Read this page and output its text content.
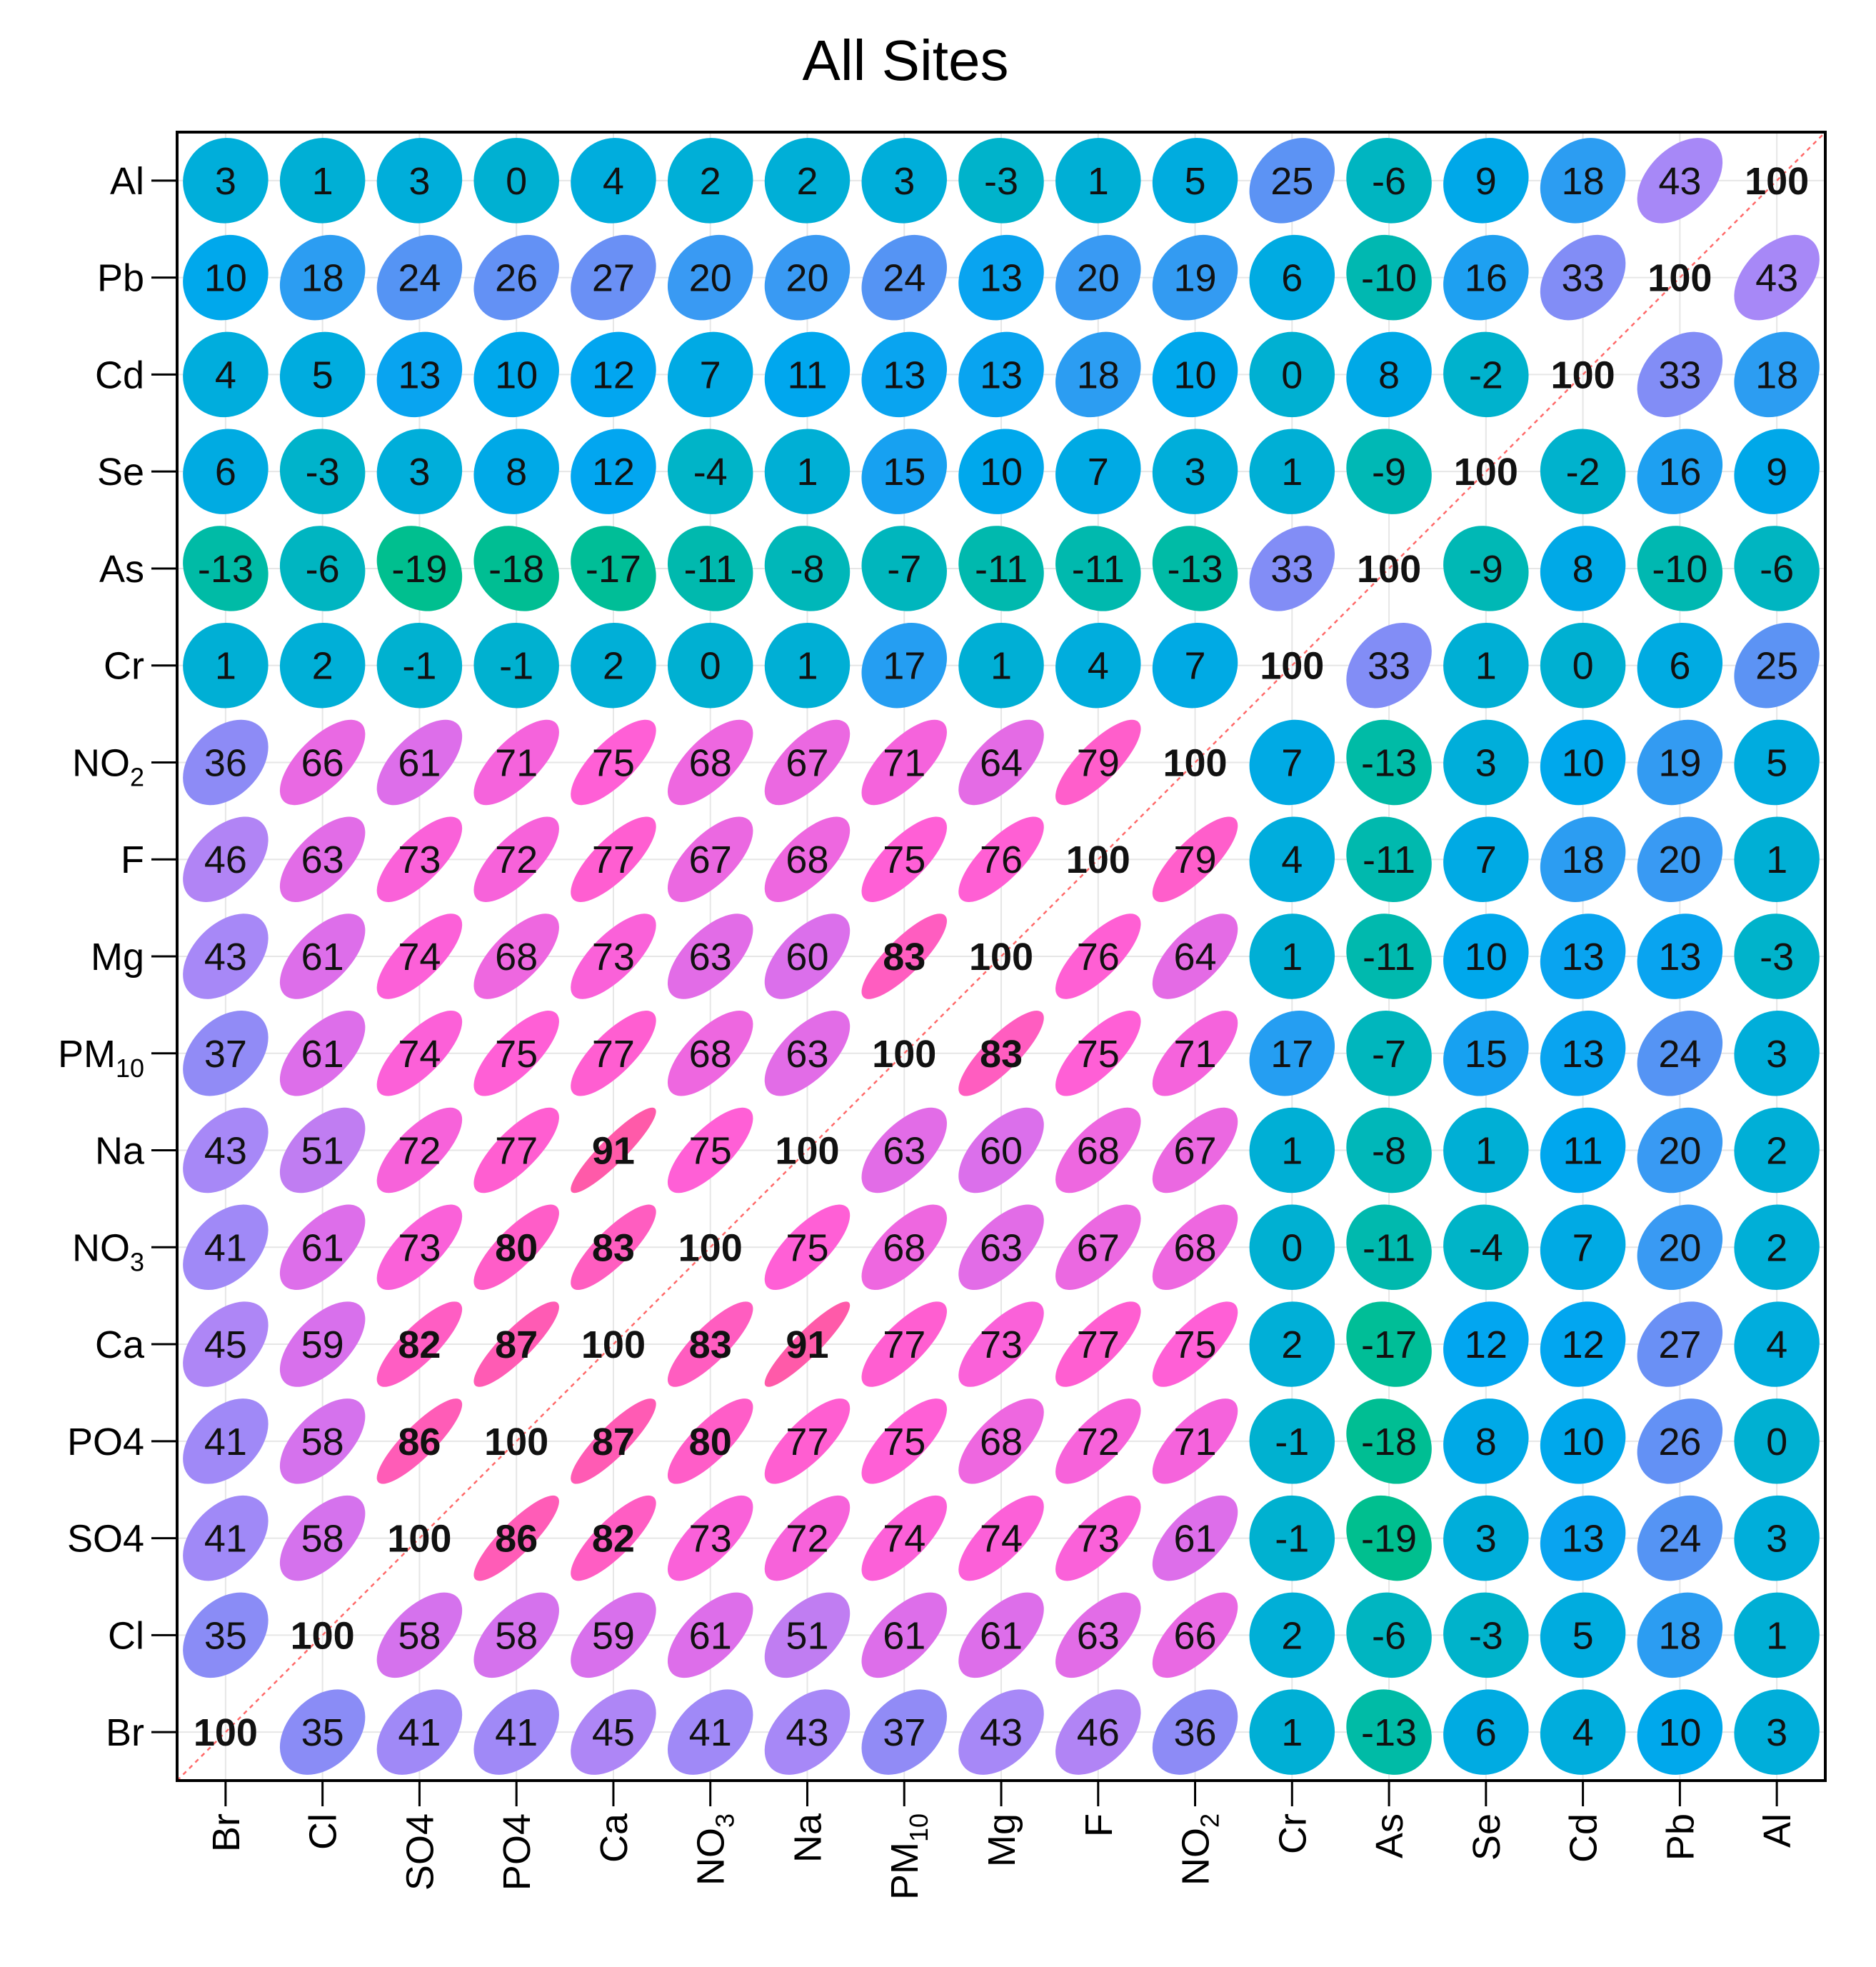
All Sites
100 35 41 41 45 41 43 37 43 46 36 1 -13 6 4 10 3
35 100 58 58 59 61 51 61 61 63 66 2 -6 -3 5 18 1
41 58 100 86 82 73 72 74 74 73 61 -1 -19 3 13 24 3
41 58 86 100 87 80 77 75 68 72 71 -1 -18 8 10 26 0
45 59 82 87 100 83 91 77 73 77 75 2 -17 12 12 27 4
41 61 73 80 83 100 75 68 63 67 68 0 -11 -4 7 20 2
43 51 72 77 91 75 100 63 60 68 67 1 -8 1 11 20 2
37 61 74 75 77 68 63 100 83 75 71 17 -7 15 13 24 3
43 61 74 68 73 63 60 83 100 76 64 1 -11 10 13 13 -3
46 63 73 72 77 67 68 75 76 100 79 4 -11 7 18 20 1
36 66 61 71 75 68 67 71 64 79 100 7 -13 3 10 19 5
1 2 -1 -1 2 0 1 17 1 4 7 100 33 1 0 6 25
-13 -6 -19 -18 -17 -11 -8 -7 -11 -11 -13 33 100 -9 8 -10 -6
6 -3 3 8 12 -4 1 15 10 7 3 1 -9 100 -2 16 9
4 5 13 10 12 7 11 13 13 18 10 0 8 -2 100 33 18
10 18 24 26 27 20 20 24 13 20 19 6 -10 16 33 100 43
3 1 3 0 4 2 2 3 -3 1 5 25 -6 9 18 43 100
Br
Cl
SO4
PO4
Ca
$NO_3$
Na
$PM_{10}$
Mg
F
$NO_2$
Cr
As
Se
Cd
Pb
Al
Br Cl SO4 PO4 Ca $NO_3$ Na
$PM_{10}$ Mg F
$NO_2$ Cr As Se Cd Pb Al
